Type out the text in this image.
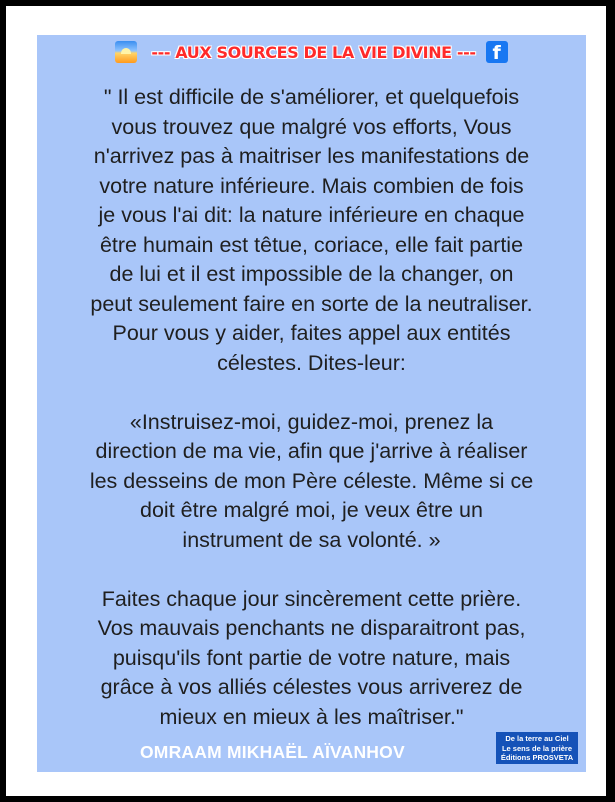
--- AUX SOURCES DE LA VIE DIVINE --- f

" Il est difficile de s'améliorer, et quelquefois
vous trouvez que malgré vos efforts, Vous
n'arrivez pas à maitriser les manifestations de
votre nature inférieure. Mais combien de fois
je vous l'ai dit: la nature inférieure en chaque
être humain est têtue, coriace, elle fait partie
de lui et il est impossible de la changer, on
peut seulement faire en sorte de la neutraliser.
Pour vous y aider, faites appel aux entités
célestes. Dites-leur:

«Instruisez-moi, guidez-moi, prenez la
direction de ma vie, afin que j'arrive à réaliser
les desseins de mon Père céleste. Même si ce
doit être malgré moi, je veux être un
instrument de sa volonté. »

Faites chaque jour sincèrement cette prière.
Vos mauvais penchants ne disparaitront pas,
puisqu'ils font partie de votre nature, mais
grâce à vos alliés célestes vous arriverez de
mieux en mieux à les maîtriser."

OMRAAM MIKHAËL AÏVANHOV
De la terre au Ciel
Le sens de la prière
Éditions PROSVETA
